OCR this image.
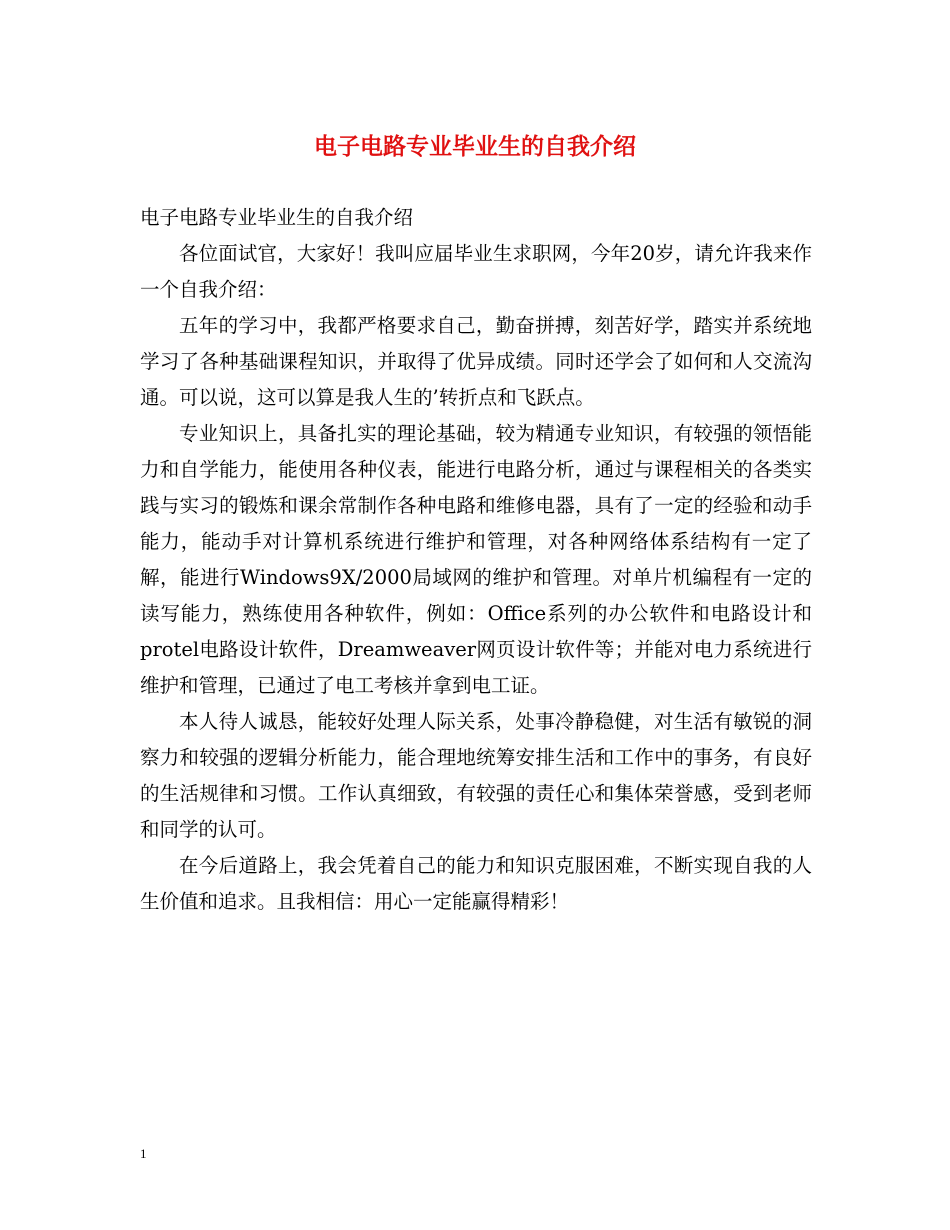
电子电路专业毕业生的自我介绍

电子电路专业毕业生的自我介绍

各位面试官，大家好！我叫应届毕业生求职网，今年20岁，请允许我来作一个自我介绍：

五年的学习中，我都严格要求自己，勤奋拼搏，刻苦好学，踏实并系统地学习了各种基础课程知识，并取得了优异成绩。同时还学会了如何和人交流沟通。可以说，这可以算是我人生的’转折点和飞跃点。

专业知识上，具备扎实的理论基础，较为精通专业知识，有较强的领悟能力和自学能力，能使用各种仪表，能进行电路分析，通过与课程相关的各类实践与实习的锻炼和课余常制作各种电路和维修电器，具有了一定的经验和动手能力，能动手对计算机系统进行维护和管理，对各种网络体系结构有一定了解，能进行Windows9X/2000局域网的维护和管理。对单片机编程有一定的读写能力，熟练使用各种软件，例如：Office系列的办公软件和电路设计和protel电路设计软件，Dreamweaver网页设计软件等；并能对电力系统进行维护和管理，已通过了电工考核并拿到电工证。

本人待人诚恳，能较好处理人际关系，处事冷静稳健，对生活有敏锐的洞察力和较强的逻辑分析能力，能合理地统筹安排生活和工作中的事务，有良好的生活规律和习惯。工作认真细致，有较强的责任心和集体荣誉感，受到老师和同学的认可。

在今后道路上，我会凭着自己的能力和知识克服困难，不断实现自我的人生价值和追求。且我相信：用心一定能赢得精彩！

1
